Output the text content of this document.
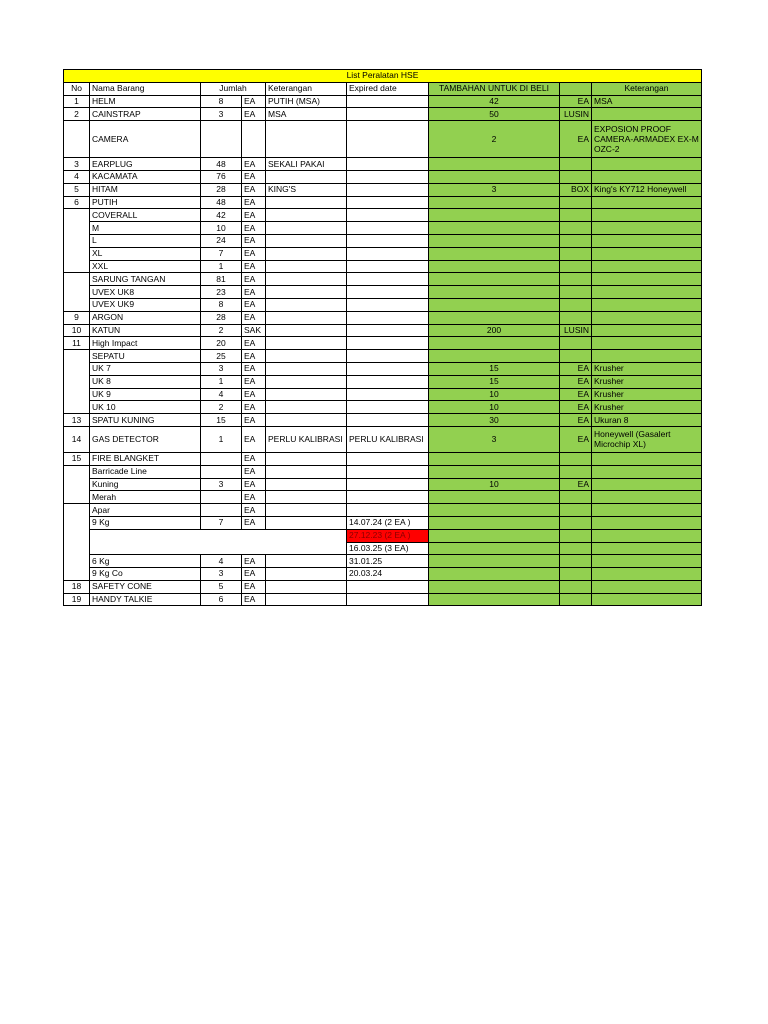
List Peralatan HSE								
No	Nama Barang	Jumlah		Keterangan	Expired date	TAMBAHAN UNTUK DI BELI		Keterangan
1	HELM	8	EA	PUTIH (MSA)		42	EA	MSA
2	CAINSTRAP	3	EA	MSA		50	LUSIN	
	CAMERA					2	EA	EXPOSION PROOF CAMERA-ARMADEX EX-M OZC-2
3	EARPLUG	48	EA	SEKALI PAKAI				
4	KACAMATA	76	EA					
5	HITAM	28	EA	KING'S		3	BOX	King's KY712 Honeywell
6	PUTIH	48	EA					
	COVERALL	42	EA					
	M	10	EA					
	L	24	EA					
	XL	7	EA					
	XXL	1	EA					
	SARUNG TANGAN	81	EA					
	UVEX UK8	23	EA					
	UVEX UK9	8	EA					
9	ARGON	28	EA					
10	KATUN	2	SAK			200	LUSIN	
11	High Impact	20	EA					
	SEPATU	25	EA					
	UK 7	3	EA			15	EA	Krusher
	UK 8	1	EA			15	EA	Krusher
	UK 9	4	EA			10	EA	Krusher
	UK 10	2	EA			10	EA	Krusher
13	SPATU KUNING	15	EA			30	EA	Ukuran 8
14	GAS DETECTOR	1	EA	PERLU KALIBRASI	PERLU KALIBRASI	3	EA	Honeywell (Gasalert Microchip XL)
15	FIRE BLANGKET		EA					
	Barricade Line		EA					
	Kuning	3	EA			10	EA	
	Merah		EA					
	Apar		EA					
	9 Kg	7	EA		14.07.24 (2 EA )			
					27.12.23 (2 EA )			
					16.03.25 (3 EA)			
	6 Kg	4	EA		31.01.25			
	9 Kg Co	3	EA		20.03.24			
18	SAFETY CONE	5	EA					
19	HANDY TALKIE	6	EA					
